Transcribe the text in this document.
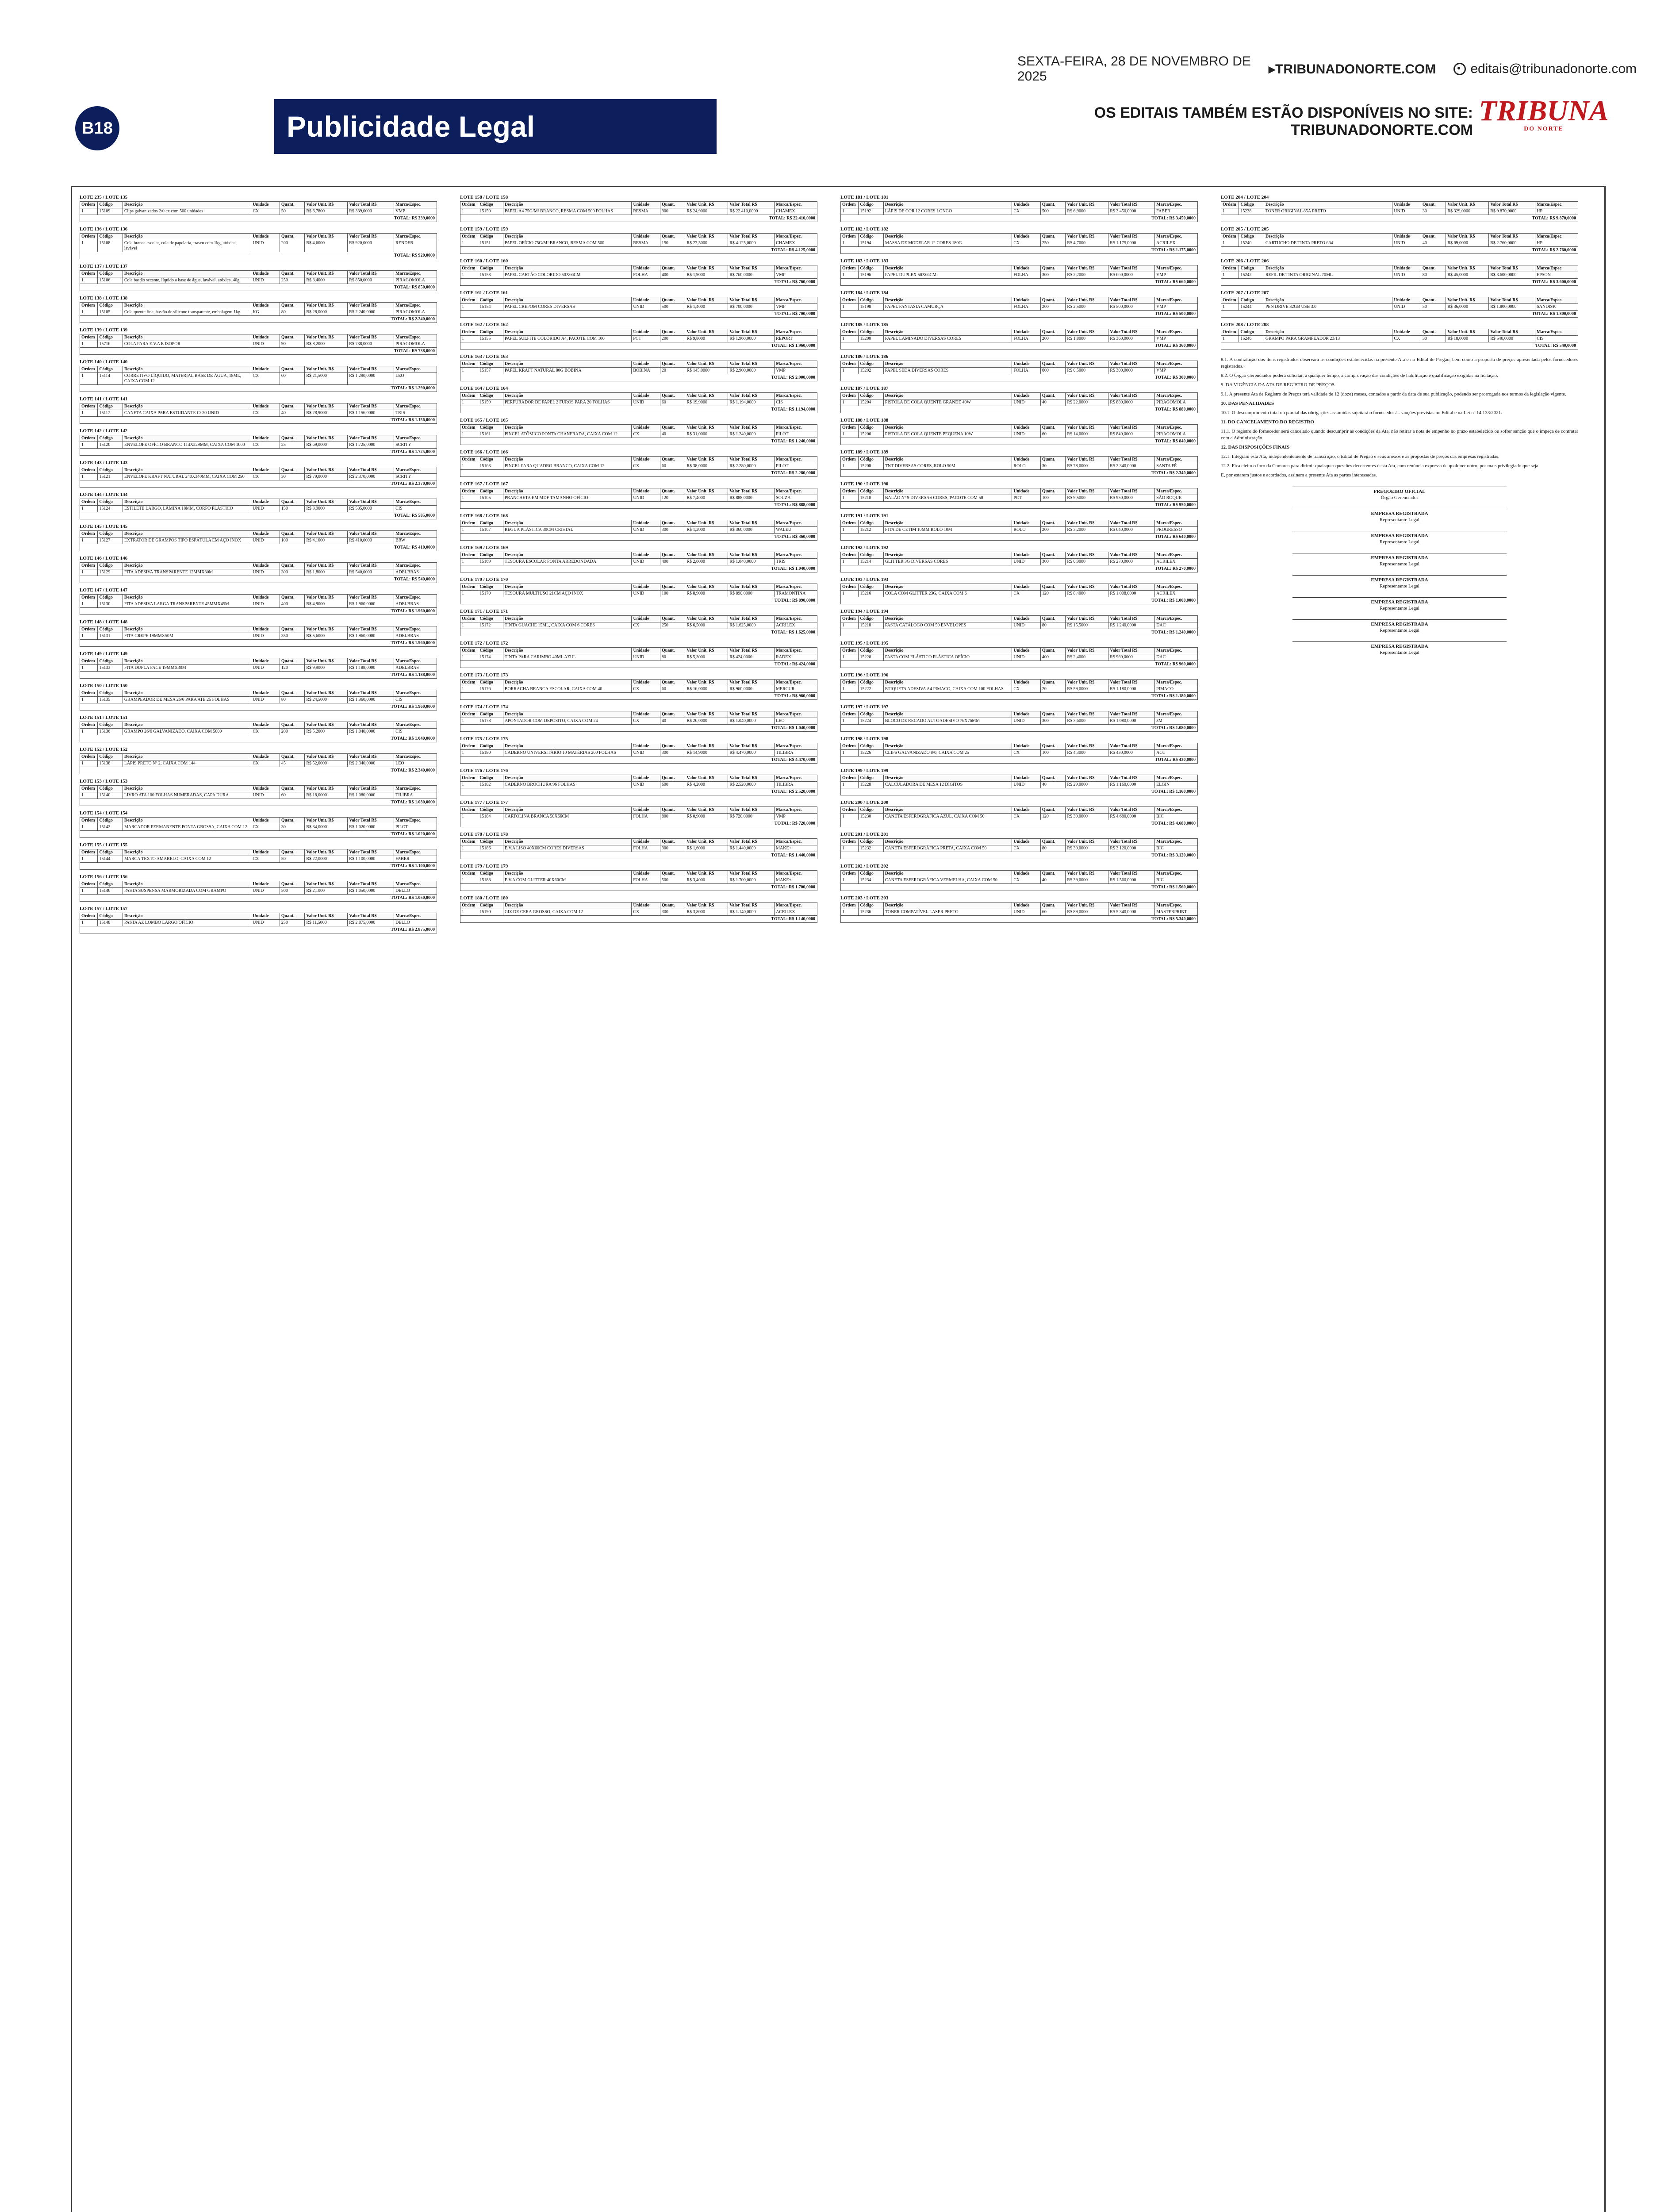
SEXTA-FEIRA, 28 DE NOVEMBRO DE 2025	▸TRIBUNADONORTE.COM	editais@tribunadonorte.com
B18	Publicidade Legal	OS EDITAIS TAMBÉM ESTÃO DISPONÍVEIS NO SITE: TRIBUNADONORTE.COM
TRIBUNA
DO NORTE
LOTE 235 / LOTE 135
Ordem	Código	Descrição	Unidade	Quant.	Valor Unit. R$	Valor Total R$	Marca/Espec.
1	15109	Clips galvanizados 2/0 cx com 500 unidades	CX	50	R$ 6,7800	R$ 339,0000	VMP
TOTAL: R$ 339,0000
LOTE 136 / LOTE 136
Ordem	Código	Descrição	Unidade	Quant.	Valor Unit. R$	Valor Total R$	Marca/Espec.
1	15108	Cola branca escolar, cola de papelaria, frasco com 1kg, atóxica, lavável	UNID	200	R$ 4,6000	R$ 920,0000	RENDER
TOTAL: R$ 920,0000
LOTE 137 / LOTE 137
Ordem	Código	Descrição	Unidade	Quant.	Valor Unit. R$	Valor Total R$	Marca/Espec.
1	15106	Cola bastão secante, líquido a base de água, lavável, atóxica, 40g	UNID	250	R$ 3,4000	R$ 850,0000	PIRAGOMOLA
TOTAL: R$ 850,0000
LOTE 138 / LOTE 138
Ordem	Código	Descrição	Unidade	Quant.	Valor Unit. R$	Valor Total R$	Marca/Espec.
1	15105	Cola quente fina, bastão de silicone transparente, embalagem 1kg	KG	80	R$ 28,0000	R$ 2.240,0000	PIRAGOMOLA
TOTAL: R$ 2.240,0000
LOTE 139 / LOTE 139
Ordem	Código	Descrição	Unidade	Quant.	Valor Unit. R$	Valor Total R$	Marca/Espec.
1	15716	COLA PARA E.V.A E ISOPOR	UNID	90	R$ 8,2000	R$ 738,0000	PIRAGOMOLA
TOTAL: R$ 738,0000
LOTE 140 / LOTE 140
Ordem	Código	Descrição	Unidade	Quant.	Valor Unit. R$	Valor Total R$	Marca/Espec.
1	15114	CORRETIVO LÍQUIDO, MATERIAL BASE DE ÁGUA, 18ML, CAIXA COM 12	CX	60	R$ 21,5000	R$ 1.290,0000	LEO
TOTAL: R$ 1.290,0000
LOTE 141 / LOTE 141
Ordem	Código	Descrição	Unidade	Quant.	Valor Unit. R$	Valor Total R$	Marca/Espec.
1	15117	CANETA CAIXA PARA ESTUDANTE C/ 20 UNID	CX	40	R$ 28,9000	R$ 1.156,0000	TRIS
TOTAL: R$ 1.156,0000
LOTE 142 / LOTE 142
Ordem	Código	Descrição	Unidade	Quant.	Valor Unit. R$	Valor Total R$	Marca/Espec.
1	15120	ENVELOPE OFÍCIO BRANCO 114X229MM, CAIXA COM 1000	CX	25	R$ 69,0000	R$ 1.725,0000	SCRITY
TOTAL: R$ 1.725,0000
LOTE 143 / LOTE 143
Ordem	Código	Descrição	Unidade	Quant.	Valor Unit. R$	Valor Total R$	Marca/Espec.
1	15121	ENVELOPE KRAFT NATURAL 240X340MM, CAIXA COM 250	CX	30	R$ 79,0000	R$ 2.370,0000	SCRITY
TOTAL: R$ 2.370,0000
LOTE 144 / LOTE 144
Ordem	Código	Descrição	Unidade	Quant.	Valor Unit. R$	Valor Total R$	Marca/Espec.
1	15124	ESTILETE LARGO, LÂMINA 18MM, CORPO PLÁSTICO	UNID	150	R$ 3,9000	R$ 585,0000	CIS
TOTAL: R$ 585,0000
LOTE 145 / LOTE 145
Ordem	Código	Descrição	Unidade	Quant.	Valor Unit. R$	Valor Total R$	Marca/Espec.
1	15127	EXTRATOR DE GRAMPOS TIPO ESPÁTULA EM AÇO INOX	UNID	100	R$ 4,1000	R$ 410,0000	BRW
TOTAL: R$ 410,0000
LOTE 146 / LOTE 146
Ordem	Código	Descrição	Unidade	Quant.	Valor Unit. R$	Valor Total R$	Marca/Espec.
1	15129	FITA ADESIVA TRANSPARENTE 12MMX30M	UNID	300	R$ 1,8000	R$ 540,0000	ADELBRAS
TOTAL: R$ 540,0000
LOTE 147 / LOTE 147
Ordem	Código	Descrição	Unidade	Quant.	Valor Unit. R$	Valor Total R$	Marca/Espec.
1	15130	FITA ADESIVA LARGA TRANSPARENTE 45MMX45M	UNID	400	R$ 4,9000	R$ 1.960,0000	ADELBRAS
TOTAL: R$ 1.960,0000
LOTE 148 / LOTE 148
Ordem	Código	Descrição	Unidade	Quant.	Valor Unit. R$	Valor Total R$	Marca/Espec.
1	15131	FITA CREPE 19MMX50M	UNID	350	R$ 5,6000	R$ 1.960,0000	ADELBRAS
TOTAL: R$ 1.960,0000
LOTE 149 / LOTE 149
Ordem	Código	Descrição	Unidade	Quant.	Valor Unit. R$	Valor Total R$	Marca/Espec.
1	15133	FITA DUPLA FACE 19MMX30M	UNID	120	R$ 9,9000	R$ 1.188,0000	ADELBRAS
TOTAL: R$ 1.188,0000
LOTE 150 / LOTE 150
Ordem	Código	Descrição	Unidade	Quant.	Valor Unit. R$	Valor Total R$	Marca/Espec.
1	15135	GRAMPEADOR DE MESA 26/6 PARA ATÉ 25 FOLHAS	UNID	80	R$ 24,5000	R$ 1.960,0000	CIS
TOTAL: R$ 1.960,0000
LOTE 151 / LOTE 151
Ordem	Código	Descrição	Unidade	Quant.	Valor Unit. R$	Valor Total R$	Marca/Espec.
1	15136	GRAMPO 26/6 GALVANIZADO, CAIXA COM 5000	CX	200	R$ 5,2000	R$ 1.040,0000	CIS
TOTAL: R$ 1.040,0000
LOTE 152 / LOTE 152
Ordem	Código	Descrição	Unidade	Quant.	Valor Unit. R$	Valor Total R$	Marca/Espec.
1	15138	LÁPIS PRETO Nº 2, CAIXA COM 144	CX	45	R$ 52,0000	R$ 2.340,0000	LEO
TOTAL: R$ 2.340,0000
LOTE 153 / LOTE 153
Ordem	Código	Descrição	Unidade	Quant.	Valor Unit. R$	Valor Total R$	Marca/Espec.
1	15140	LIVRO ATA 100 FOLHAS NUMERADAS, CAPA DURA	UNID	60	R$ 18,0000	R$ 1.080,0000	TILIBRA
TOTAL: R$ 1.080,0000
LOTE 154 / LOTE 154
Ordem	Código	Descrição	Unidade	Quant.	Valor Unit. R$	Valor Total R$	Marca/Espec.
1	15142	MARCADOR PERMANENTE PONTA GROSSA, CAIXA COM 12	CX	30	R$ 34,0000	R$ 1.020,0000	PILOT
TOTAL: R$ 1.020,0000
LOTE 155 / LOTE 155
Ordem	Código	Descrição	Unidade	Quant.	Valor Unit. R$	Valor Total R$	Marca/Espec.
1	15144	MARCA TEXTO AMARELO, CAIXA COM 12	CX	50	R$ 22,0000	R$ 1.100,0000	FABER
TOTAL: R$ 1.100,0000
LOTE 156 / LOTE 156
Ordem	Código	Descrição	Unidade	Quant.	Valor Unit. R$	Valor Total R$	Marca/Espec.
1	15146	PASTA SUSPENSA MARMORIZADA COM GRAMPO	UNID	500	R$ 2,1000	R$ 1.050,0000	DELLO
TOTAL: R$ 1.050,0000
LOTE 157 / LOTE 157
Ordem	Código	Descrição	Unidade	Quant.	Valor Unit. R$	Valor Total R$	Marca/Espec.
1	15148	PASTA AZ LOMBO LARGO OFÍCIO	UNID	250	R$ 11,5000	R$ 2.875,0000	DELLO
TOTAL: R$ 2.875,0000
LOTE 158 / LOTE 158
Ordem	Código	Descrição	Unidade	Quant.	Valor Unit. R$	Valor Total R$	Marca/Espec.
1	15150	PAPEL A4 75G/M² BRANCO, RESMA COM 500 FOLHAS	RESMA	900	R$ 24,9000	R$ 22.410,0000	CHAMEX
TOTAL: R$ 22.410,0000
LOTE 159 / LOTE 159
Ordem	Código	Descrição	Unidade	Quant.	Valor Unit. R$	Valor Total R$	Marca/Espec.
1	15151	PAPEL OFÍCIO 75G/M² BRANCO, RESMA COM 500	RESMA	150	R$ 27,5000	R$ 4.125,0000	CHAMEX
TOTAL: R$ 4.125,0000
LOTE 160 / LOTE 160
Ordem	Código	Descrição	Unidade	Quant.	Valor Unit. R$	Valor Total R$	Marca/Espec.
1	15153	PAPEL CARTÃO COLORIDO 50X66CM	FOLHA	400	R$ 1,9000	R$ 760,0000	VMP
TOTAL: R$ 760,0000
LOTE 161 / LOTE 161
Ordem	Código	Descrição	Unidade	Quant.	Valor Unit. R$	Valor Total R$	Marca/Espec.
1	15154	PAPEL CREPOM CORES DIVERSAS	UNID	500	R$ 1,4000	R$ 700,0000	VMP
TOTAL: R$ 700,0000
LOTE 162 / LOTE 162
Ordem	Código	Descrição	Unidade	Quant.	Valor Unit. R$	Valor Total R$	Marca/Espec.
1	15155	PAPEL SULFITE COLORIDO A4, PACOTE COM 100	PCT	200	R$ 9,8000	R$ 1.960,0000	REPORT
TOTAL: R$ 1.960,0000
LOTE 163 / LOTE 163
Ordem	Código	Descrição	Unidade	Quant.	Valor Unit. R$	Valor Total R$	Marca/Espec.
1	15157	PAPEL KRAFT NATURAL 80G BOBINA	BOBINA	20	R$ 145,0000	R$ 2.900,0000	VMP
TOTAL: R$ 2.900,0000
LOTE 164 / LOTE 164
Ordem	Código	Descrição	Unidade	Quant.	Valor Unit. R$	Valor Total R$	Marca/Espec.
1	15159	PERFURADOR DE PAPEL 2 FUROS PARA 20 FOLHAS	UNID	60	R$ 19,9000	R$ 1.194,0000	CIS
TOTAL: R$ 1.194,0000
LOTE 165 / LOTE 165
Ordem	Código	Descrição	Unidade	Quant.	Valor Unit. R$	Valor Total R$	Marca/Espec.
1	15161	PINCEL ATÔMICO PONTA CHANFRADA, CAIXA COM 12	CX	40	R$ 31,0000	R$ 1.240,0000	PILOT
TOTAL: R$ 1.240,0000
LOTE 166 / LOTE 166
Ordem	Código	Descrição	Unidade	Quant.	Valor Unit. R$	Valor Total R$	Marca/Espec.
1	15163	PINCEL PARA QUADRO BRANCO, CAIXA COM 12	CX	60	R$ 38,0000	R$ 2.280,0000	PILOT
TOTAL: R$ 2.280,0000
LOTE 167 / LOTE 167
Ordem	Código	Descrição	Unidade	Quant.	Valor Unit. R$	Valor Total R$	Marca/Espec.
1	15165	PRANCHETA EM MDF TAMANHO OFÍCIO	UNID	120	R$ 7,4000	R$ 888,0000	SOUZA
TOTAL: R$ 888,0000
LOTE 168 / LOTE 168
Ordem	Código	Descrição	Unidade	Quant.	Valor Unit. R$	Valor Total R$	Marca/Espec.
1	15167	RÉGUA PLÁSTICA 30CM CRISTAL	UNID	300	R$ 1,2000	R$ 360,0000	WALEU
TOTAL: R$ 360,0000
LOTE 169 / LOTE 169
Ordem	Código	Descrição	Unidade	Quant.	Valor Unit. R$	Valor Total R$	Marca/Espec.
1	15169	TESOURA ESCOLAR PONTA ARREDONDADA	UNID	400	R$ 2,6000	R$ 1.040,0000	TRIS
TOTAL: R$ 1.040,0000
LOTE 170 / LOTE 170
Ordem	Código	Descrição	Unidade	Quant.	Valor Unit. R$	Valor Total R$	Marca/Espec.
1	15170	TESOURA MULTIUSO 21CM AÇO INOX	UNID	100	R$ 8,9000	R$ 890,0000	TRAMONTINA
TOTAL: R$ 890,0000
LOTE 171 / LOTE 171
Ordem	Código	Descrição	Unidade	Quant.	Valor Unit. R$	Valor Total R$	Marca/Espec.
1	15172	TINTA GUACHE 15ML, CAIXA COM 6 CORES	CX	250	R$ 6,5000	R$ 1.625,0000	ACRILEX
TOTAL: R$ 1.625,0000
LOTE 172 / LOTE 172
Ordem	Código	Descrição	Unidade	Quant.	Valor Unit. R$	Valor Total R$	Marca/Espec.
1	15174	TINTA PARA CARIMBO 40ML AZUL	UNID	80	R$ 5,3000	R$ 424,0000	RADEX
TOTAL: R$ 424,0000
LOTE 173 / LOTE 173
Ordem	Código	Descrição	Unidade	Quant.	Valor Unit. R$	Valor Total R$	Marca/Espec.
1	15176	BORRACHA BRANCA ESCOLAR, CAIXA COM 40	CX	60	R$ 16,0000	R$ 960,0000	MERCUR
TOTAL: R$ 960,0000
LOTE 174 / LOTE 174
Ordem	Código	Descrição	Unidade	Quant.	Valor Unit. R$	Valor Total R$	Marca/Espec.
1	15178	APONTADOR COM DEPÓSITO, CAIXA COM 24	CX	40	R$ 26,0000	R$ 1.040,0000	LEO
TOTAL: R$ 1.040,0000
LOTE 175 / LOTE 175
Ordem	Código	Descrição	Unidade	Quant.	Valor Unit. R$	Valor Total R$	Marca/Espec.
1	15180	CADERNO UNIVERSITÁRIO 10 MATÉRIAS 200 FOLHAS	UNID	300	R$ 14,9000	R$ 4.470,0000	TILIBRA
TOTAL: R$ 4.470,0000
LOTE 176 / LOTE 176
Ordem	Código	Descrição	Unidade	Quant.	Valor Unit. R$	Valor Total R$	Marca/Espec.
1	15182	CADERNO BROCHURA 96 FOLHAS	UNID	600	R$ 4,2000	R$ 2.520,0000	TILIBRA
TOTAL: R$ 2.520,0000
LOTE 177 / LOTE 177
Ordem	Código	Descrição	Unidade	Quant.	Valor Unit. R$	Valor Total R$	Marca/Espec.
1	15184	CARTOLINA BRANCA 50X66CM	FOLHA	800	R$ 0,9000	R$ 720,0000	VMP
TOTAL: R$ 720,0000
LOTE 178 / LOTE 178
Ordem	Código	Descrição	Unidade	Quant.	Valor Unit. R$	Valor Total R$	Marca/Espec.
1	15186	E.V.A LISO 40X60CM CORES DIVERSAS	FOLHA	900	R$ 1,6000	R$ 1.440,0000	MAKE+
TOTAL: R$ 1.440,0000
LOTE 179 / LOTE 179
Ordem	Código	Descrição	Unidade	Quant.	Valor Unit. R$	Valor Total R$	Marca/Espec.
1	15188	E.V.A COM GLITTER 40X60CM	FOLHA	500	R$ 3,4000	R$ 1.700,0000	MAKE+
TOTAL: R$ 1.700,0000
LOTE 180 / LOTE 180
Ordem	Código	Descrição	Unidade	Quant.	Valor Unit. R$	Valor Total R$	Marca/Espec.
1	15190	GIZ DE CERA GROSSO, CAIXA COM 12	CX	300	R$ 3,8000	R$ 1.140,0000	ACRILEX
TOTAL: R$ 1.140,0000
LOTE 181 / LOTE 181
Ordem	Código	Descrição	Unidade	Quant.	Valor Unit. R$	Valor Total R$	Marca/Espec.
1	15192	LÁPIS DE COR 12 CORES LONGO	CX	500	R$ 6,9000	R$ 3.450,0000	FABER
TOTAL: R$ 3.450,0000
LOTE 182 / LOTE 182
Ordem	Código	Descrição	Unidade	Quant.	Valor Unit. R$	Valor Total R$	Marca/Espec.
1	15194	MASSA DE MODELAR 12 CORES 180G	CX	250	R$ 4,7000	R$ 1.175,0000	ACRILEX
TOTAL: R$ 1.175,0000
LOTE 183 / LOTE 183
Ordem	Código	Descrição	Unidade	Quant.	Valor Unit. R$	Valor Total R$	Marca/Espec.
1	15196	PAPEL DUPLEX 50X66CM	FOLHA	300	R$ 2,2000	R$ 660,0000	VMP
TOTAL: R$ 660,0000
LOTE 184 / LOTE 184
Ordem	Código	Descrição	Unidade	Quant.	Valor Unit. R$	Valor Total R$	Marca/Espec.
1	15198	PAPEL FANTASIA CAMURÇA	FOLHA	200	R$ 2,5000	R$ 500,0000	VMP
TOTAL: R$ 500,0000
LOTE 185 / LOTE 185
Ordem	Código	Descrição	Unidade	Quant.	Valor Unit. R$	Valor Total R$	Marca/Espec.
1	15200	PAPEL LAMINADO DIVERSAS CORES	FOLHA	200	R$ 1,8000	R$ 360,0000	VMP
TOTAL: R$ 360,0000
LOTE 186 / LOTE 186
Ordem	Código	Descrição	Unidade	Quant.	Valor Unit. R$	Valor Total R$	Marca/Espec.
1	15202	PAPEL SEDA DIVERSAS CORES	FOLHA	600	R$ 0,5000	R$ 300,0000	VMP
TOTAL: R$ 300,0000
LOTE 187 / LOTE 187
Ordem	Código	Descrição	Unidade	Quant.	Valor Unit. R$	Valor Total R$	Marca/Espec.
1	15204	PISTOLA DE COLA QUENTE GRANDE 40W	UNID	40	R$ 22,0000	R$ 880,0000	PIRAGOMOLA
TOTAL: R$ 880,0000
LOTE 188 / LOTE 188
Ordem	Código	Descrição	Unidade	Quant.	Valor Unit. R$	Valor Total R$	Marca/Espec.
1	15206	PISTOLA DE COLA QUENTE PEQUENA 10W	UNID	60	R$ 14,0000	R$ 840,0000	PIRAGOMOLA
TOTAL: R$ 840,0000
LOTE 189 / LOTE 189
Ordem	Código	Descrição	Unidade	Quant.	Valor Unit. R$	Valor Total R$	Marca/Espec.
1	15208	TNT DIVERSAS CORES, ROLO 50M	ROLO	30	R$ 78,0000	R$ 2.340,0000	SANTA FÉ
TOTAL: R$ 2.340,0000
LOTE 190 / LOTE 190
Ordem	Código	Descrição	Unidade	Quant.	Valor Unit. R$	Valor Total R$	Marca/Espec.
1	15210	BALÃO Nº 9 DIVERSAS CORES, PACOTE COM 50	PCT	100	R$ 9,5000	R$ 950,0000	SÃO ROQUE
TOTAL: R$ 950,0000
LOTE 191 / LOTE 191
Ordem	Código	Descrição	Unidade	Quant.	Valor Unit. R$	Valor Total R$	Marca/Espec.
1	15212	FITA DE CETIM 10MM ROLO 10M	ROLO	200	R$ 3,2000	R$ 640,0000	PROGRESSO
TOTAL: R$ 640,0000
LOTE 192 / LOTE 192
Ordem	Código	Descrição	Unidade	Quant.	Valor Unit. R$	Valor Total R$	Marca/Espec.
1	15214	GLITTER 3G DIVERSAS CORES	UNID	300	R$ 0,9000	R$ 270,0000	ACRILEX
TOTAL: R$ 270,0000
LOTE 193 / LOTE 193
Ordem	Código	Descrição	Unidade	Quant.	Valor Unit. R$	Valor Total R$	Marca/Espec.
1	15216	COLA COM GLITTER 23G, CAIXA COM 6	CX	120	R$ 8,4000	R$ 1.008,0000	ACRILEX
TOTAL: R$ 1.008,0000
LOTE 194 / LOTE 194
Ordem	Código	Descrição	Unidade	Quant.	Valor Unit. R$	Valor Total R$	Marca/Espec.
1	15218	PASTA CATÁLOGO COM 50 ENVELOPES	UNID	80	R$ 15,5000	R$ 1.240,0000	DAC
TOTAL: R$ 1.240,0000
LOTE 195 / LOTE 195
Ordem	Código	Descrição	Unidade	Quant.	Valor Unit. R$	Valor Total R$	Marca/Espec.
1	15220	PASTA COM ELÁSTICO PLÁSTICA OFÍCIO	UNID	400	R$ 2,4000	R$ 960,0000	DAC
TOTAL: R$ 960,0000
LOTE 196 / LOTE 196
Ordem	Código	Descrição	Unidade	Quant.	Valor Unit. R$	Valor Total R$	Marca/Espec.
1	15222	ETIQUETA ADESIVA A4 PIMACO, CAIXA COM 100 FOLHAS	CX	20	R$ 59,0000	R$ 1.180,0000	PIMACO
TOTAL: R$ 1.180,0000
LOTE 197 / LOTE 197
Ordem	Código	Descrição	Unidade	Quant.	Valor Unit. R$	Valor Total R$	Marca/Espec.
1	15224	BLOCO DE RECADO AUTOADESIVO 76X76MM	UNID	300	R$ 3,6000	R$ 1.080,0000	3M
TOTAL: R$ 1.080,0000
LOTE 198 / LOTE 198
Ordem	Código	Descrição	Unidade	Quant.	Valor Unit. R$	Valor Total R$	Marca/Espec.
1	15226	CLIPS GALVANIZADO 8/0, CAIXA COM 25	CX	100	R$ 4,3000	R$ 430,0000	ACC
TOTAL: R$ 430,0000
LOTE 199 / LOTE 199
Ordem	Código	Descrição	Unidade	Quant.	Valor Unit. R$	Valor Total R$	Marca/Espec.
1	15228	CALCULADORA DE MESA 12 DÍGITOS	UNID	40	R$ 29,0000	R$ 1.160,0000	ELGIN
TOTAL: R$ 1.160,0000
LOTE 200 / LOTE 200
Ordem	Código	Descrição	Unidade	Quant.	Valor Unit. R$	Valor Total R$	Marca/Espec.
1	15230	CANETA ESFEROGRÁFICA AZUL, CAIXA COM 50	CX	120	R$ 39,0000	R$ 4.680,0000	BIC
TOTAL: R$ 4.680,0000
LOTE 201 / LOTE 201
Ordem	Código	Descrição	Unidade	Quant.	Valor Unit. R$	Valor Total R$	Marca/Espec.
1	15232	CANETA ESFEROGRÁFICA PRETA, CAIXA COM 50	CX	80	R$ 39,0000	R$ 3.120,0000	BIC
TOTAL: R$ 3.120,0000
LOTE 202 / LOTE 202
Ordem	Código	Descrição	Unidade	Quant.	Valor Unit. R$	Valor Total R$	Marca/Espec.
1	15234	CANETA ESFEROGRÁFICA VERMELHA, CAIXA COM 50	CX	40	R$ 39,0000	R$ 1.560,0000	BIC
TOTAL: R$ 1.560,0000
LOTE 203 / LOTE 203
Ordem	Código	Descrição	Unidade	Quant.	Valor Unit. R$	Valor Total R$	Marca/Espec.
1	15236	TONER COMPATÍVEL LASER PRETO	UNID	60	R$ 89,0000	R$ 5.340,0000	MASTERPRINT
TOTAL: R$ 5.340,0000
LOTE 204 / LOTE 204
Ordem	Código	Descrição	Unidade	Quant.	Valor Unit. R$	Valor Total R$	Marca/Espec.
1	15238	TONER ORIGINAL 85A PRETO	UNID	30	R$ 329,0000	R$ 9.870,0000	HP
TOTAL: R$ 9.870,0000
LOTE 205 / LOTE 205
Ordem	Código	Descrição	Unidade	Quant.	Valor Unit. R$	Valor Total R$	Marca/Espec.
1	15240	CARTUCHO DE TINTA PRETO 664	UNID	40	R$ 69,0000	R$ 2.760,0000	HP
TOTAL: R$ 2.760,0000
LOTE 206 / LOTE 206
Ordem	Código	Descrição	Unidade	Quant.	Valor Unit. R$	Valor Total R$	Marca/Espec.
1	15242	REFIL DE TINTA ORIGINAL 70ML	UNID	80	R$ 45,0000	R$ 3.600,0000	EPSON
TOTAL: R$ 3.600,0000
LOTE 207 / LOTE 207
Ordem	Código	Descrição	Unidade	Quant.	Valor Unit. R$	Valor Total R$	Marca/Espec.
1	15244	PEN DRIVE 32GB USB 3.0	UNID	50	R$ 36,0000	R$ 1.800,0000	SANDISK
TOTAL: R$ 1.800,0000
LOTE 208 / LOTE 208
Ordem	Código	Descrição	Unidade	Quant.	Valor Unit. R$	Valor Total R$	Marca/Espec.
1	15246	GRAMPO PARA GRAMPEADOR 23/13	CX	30	R$ 18,0000	R$ 540,0000	CIS
TOTAL: R$ 540,0000

8.1. A contratação dos itens registrados observará as condições estabelecidas na presente Ata e no Edital de Pregão, bem como a proposta de preços apresentada pelos fornecedores registrados.

8.2. O Órgão Gerenciador poderá solicitar, a qualquer tempo, a comprovação das condições de habilitação e qualificação exigidas na licitação.

9. DA VIGÊNCIA DA ATA DE REGISTRO DE PREÇOS

9.1. A presente Ata de Registro de Preços terá validade de 12 (doze) meses, contados a partir da data de sua publicação, podendo ser prorrogada nos termos da legislação vigente.

10. DAS PENALIDADES

10.1. O descumprimento total ou parcial das obrigações assumidas sujeitará o fornecedor às sanções previstas no Edital e na Lei nº 14.133/2021.

11. DO CANCELAMENTO DO REGISTRO

11.1. O registro do fornecedor será cancelado quando descumprir as condições da Ata, não retirar a nota de empenho no prazo estabelecido ou sofrer sanção que o impeça de contratar com a Administração.

12. DAS DISPOSIÇÕES FINAIS

12.1. Integram esta Ata, independentemente de transcrição, o Edital de Pregão e seus anexos e as propostas de preços das empresas registradas.

12.2. Fica eleito o foro da Comarca para dirimir quaisquer questões decorrentes desta Ata, com renúncia expressa de qualquer outro, por mais privilegiado que seja.

E, por estarem justos e acordados, assinam a presente Ata as partes interessadas.

PREGOEIRO OFICIAL
Órgão Gerenciador
EMPRESA REGISTRADA
Representante Legal
EMPRESA REGISTRADA
Representante Legal
EMPRESA REGISTRADA
Representante Legal
EMPRESA REGISTRADA
Representante Legal
EMPRESA REGISTRADA
Representante Legal
EMPRESA REGISTRADA
Representante Legal
EMPRESA REGISTRADA
Representante Legal
